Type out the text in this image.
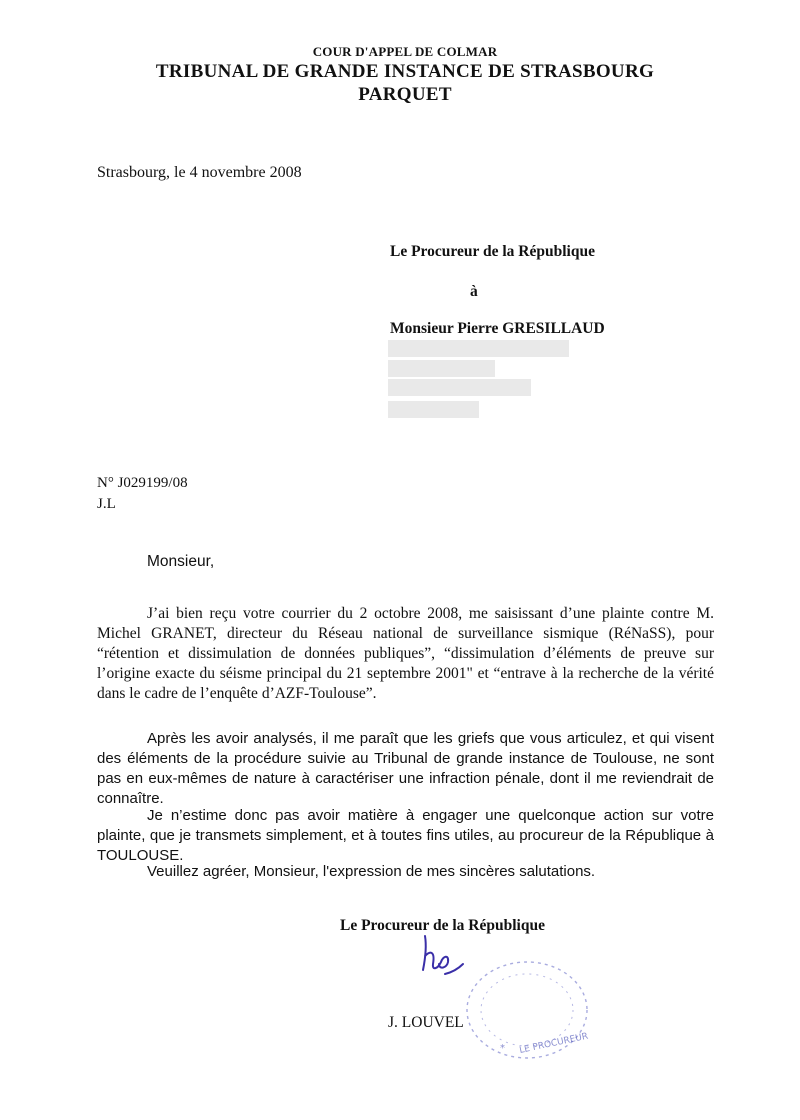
COUR D'APPEL DE COLMAR
TRIBUNAL DE GRANDE INSTANCE DE STRASBOURG
PARQUET
Strasbourg, le 4 novembre 2008
Le Procureur de la République
à
Monsieur Pierre GRESILLAUD
N° J029199/08
J.L
Monsieur,
J’ai bien reçu votre courrier du 2 octobre 2008, me saisissant d’une plainte contre M. Michel GRANET, directeur du Réseau national de surveillance sismique (RéNaSS), pour “rétention et dissimulation de données publiques”, “dissimulation d’éléments de preuve sur l’origine exacte du séisme principal du 21 septembre 2001" et “entrave à la recherche de la vérité dans le cadre de l’enquête d’AZF-Toulouse”.
Après les avoir analysés, il me paraît que les griefs que vous articulez, et qui visent des éléments de la procédure suivie au Tribunal de grande instance de Toulouse, ne sont pas en eux-mêmes de nature à caractériser une infraction pénale, dont il me reviendrait de connaître.
Je n’estime donc pas avoir matière à engager une quelconque action sur votre plainte, que je transmets simplement, et à toutes fins utiles, au procureur de la République à TOULOUSE.
Veuillez agréer, Monsieur, l'expression de mes sincères salutations.
Le Procureur de la République
LE PROCUREUR
*
J. LOUVEL
